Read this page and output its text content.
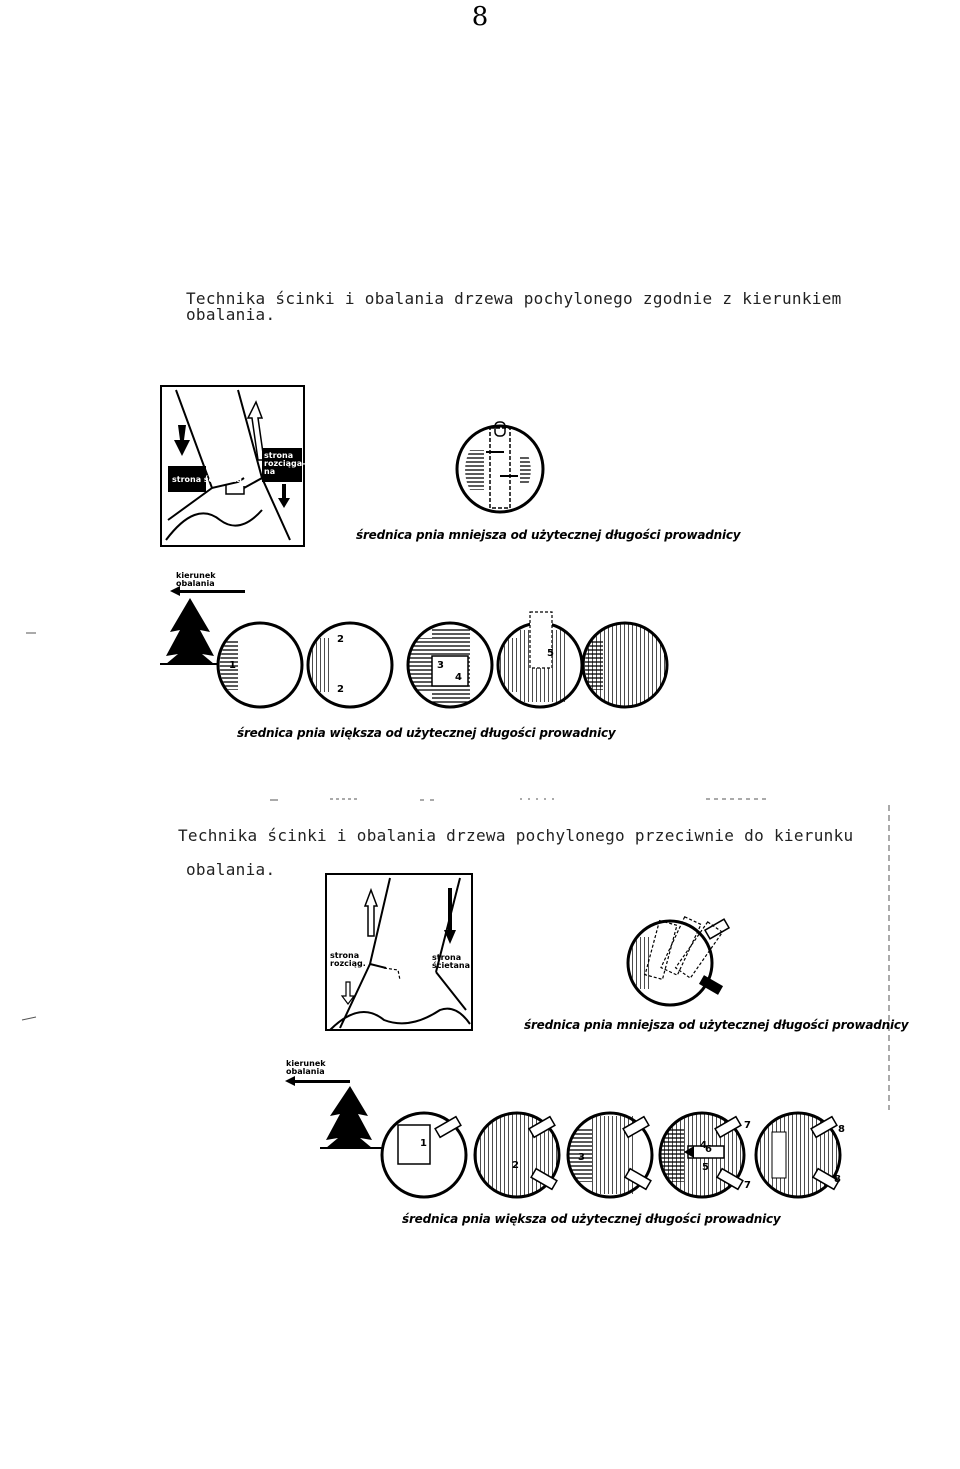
8
Technika ścinki i obalania drzewa pochylonego zgodnie z kierunkiem
obalania.
strona ścietana
strona rozciąga-na
średnica pnia mniejsza od użytecznej długości prowadnicy
kierunek obalania
średnica pnia większa od użytecznej długości prowadnicy
1
2
2
3
4
5
Technika ścinki i obalania drzewa pochylonego przeciwnie do kierunku
obalania.
strona rozciąg.
strona ścietana
średnica pnia mniejsza od użytecznej długości prowadnicy
kierunek obalania
średnica pnia większa od użytecznej długości prowadnicy
1
2
3
4
5
6
7
7
8
8
